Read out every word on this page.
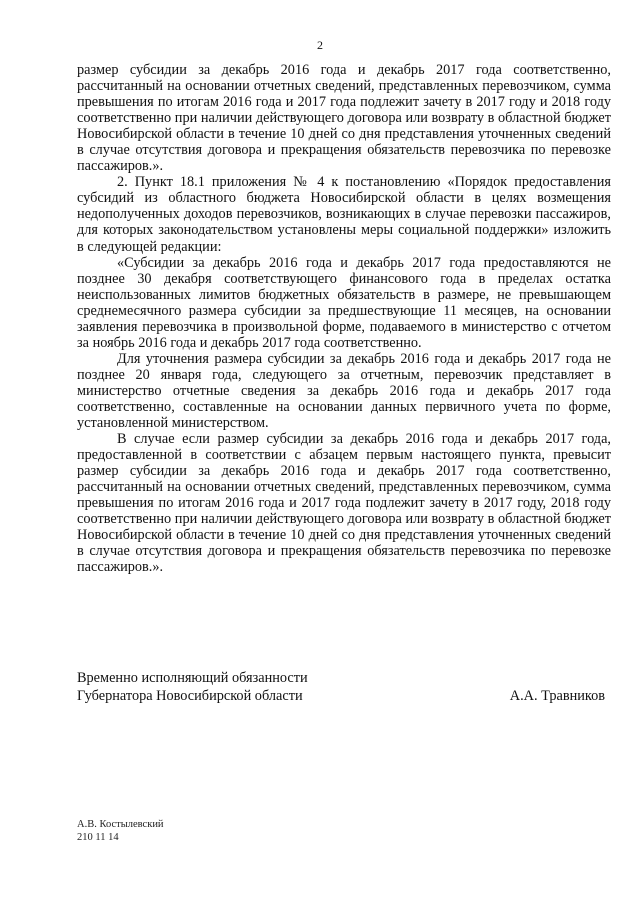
2

размер субсидии за декабрь 2016 года и декабрь 2017 года соответственно, рассчитанный на основании отчетных сведений, представленных перевозчиком, сумма превышения по итогам 2016 года и 2017 года подлежит зачету в 2017 году и 2018 году соответственно при наличии действующего договора или возврату в областной бюджет Новосибирской области в течение 10 дней со дня представления уточненных сведений в случае отсутствия договора и прекращения обязательств перевозчика по перевозке пассажиров.».

2. Пункт 18.1 приложения № 4 к постановлению «Порядок предоставления субсидий из областного бюджета Новосибирской области в целях возмещения недополученных доходов перевозчиков, возникающих в случае перевозки пассажиров, для которых законодательством установлены меры социальной поддержки» изложить в следующей редакции:

«Субсидии за декабрь 2016 года и декабрь 2017 года предоставляются не позднее 30 декабря соответствующего финансового года в пределах остатка неиспользованных лимитов бюджетных обязательств в размере, не превышающем среднемесячного размера субсидии за предшествующие 11 месяцев, на основании заявления перевозчика в произвольной форме, подаваемого в министерство с отчетом за ноябрь 2016 года и декабрь 2017 года соответственно.

Для уточнения размера субсидии за декабрь 2016 года и декабрь 2017 года не позднее 20 января года, следующего за отчетным, перевозчик представляет в министерство отчетные сведения за декабрь 2016 года и декабрь 2017 года соответственно, составленные на основании данных первичного учета по форме, установленной министерством.

В случае если размер субсидии за декабрь 2016 года и декабрь 2017 года, предоставленной в соответствии с абзацем первым настоящего пункта, превысит размер субсидии за декабрь 2016 года и декабрь 2017 года соответственно, рассчитанный на основании отчетных сведений, представленных перевозчиком, сумма превышения по итогам 2016 года и 2017 года подлежит зачету в 2017 году, 2018 году соответственно при наличии действующего договора или возврату в областной бюджет Новосибирской области в течение 10 дней со дня представления уточненных сведений в случае отсутствия договора и прекращения обязательств перевозчика по перевозке пассажиров.».

Временно исполняющий обязанности
Губернатора Новосибирской области	А.А. Травников
А.В. Костылевский
210 11 14
